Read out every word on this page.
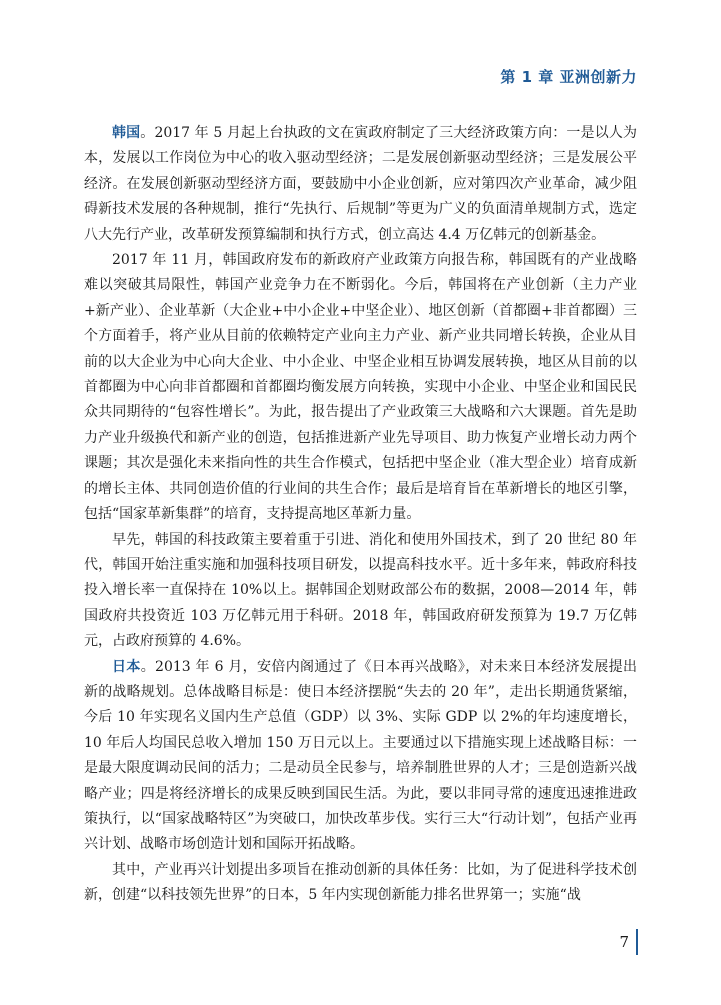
第 1 章 亚洲创新力

韩国。2017 年 5 月起上台执政的文在寅政府制定了三大经济政策方向：一是以人为本，发展以工作岗位为中心的收入驱动型经济；二是发展创新驱动型经济；三是发展公平经济。在发展创新驱动型经济方面，要鼓励中小企业创新，应对第四次产业革命，减少阻碍新技术发展的各种规制，推行“先执行、后规制”等更为广义的负面清单规制方式，选定八大先行产业，改革研发预算编制和执行方式，创立高达 4.4 万亿韩元的创新基金。

2017 年 11 月，韩国政府发布的新政府产业政策方向报告称，韩国既有的产业战略难以突破其局限性，韩国产业竞争力在不断弱化。今后，韩国将在产业创新（主力产业+新产业）、企业革新（大企业+中小企业+中坚企业）、地区创新（首都圈+非首都圈）三个方面着手，将产业从目前的依赖特定产业向主力产业、新产业共同增长转换，企业从目前的以大企业为中心向大企业、中小企业、中坚企业相互协调发展转换，地区从目前的以首都圈为中心向非首都圈和首都圈均衡发展方向转换，实现中小企业、中坚企业和国民民众共同期待的“包容性增长”。为此，报告提出了产业政策三大战略和六大课题。首先是助力产业升级换代和新产业的创造，包括推进新产业先导项目、助力恢复产业增长动力两个课题；其次是强化未来指向性的共生合作模式，包括把中坚企业（准大型企业）培育成新的增长主体、共同创造价值的行业间的共生合作；最后是培育旨在革新增长的地区引擎，包括“国家革新集群”的培育，支持提高地区革新力量。

早先，韩国的科技政策主要着重于引进、消化和使用外国技术，到了 20 世纪 80 年代，韩国开始注重实施和加强科技项目研发，以提高科技水平。近十多年来，韩政府科技投入增长率一直保持在 10%以上。据韩国企划财政部公布的数据，2008—2014 年，韩国政府共投资近 103 万亿韩元用于科研。2018 年，韩国政府研发预算为 19.7 万亿韩元，占政府预算的 4.6%。

日本。2013 年 6 月，安倍内阁通过了《日本再兴战略》，对未来日本经济发展提出新的战略规划。总体战略目标是：使日本经济摆脱“失去的 20 年”，走出长期通货紧缩，今后 10 年实现名义国内生产总值（GDP）以 3%、实际 GDP 以 2%的年均速度增长，10 年后人均国民总收入增加 150 万日元以上。主要通过以下措施实现上述战略目标：一是最大限度调动民间的活力；二是动员全民参与，培养制胜世界的人才；三是创造新兴战略产业；四是将经济增长的成果反映到国民生活。为此，要以非同寻常的速度迅速推进政策执行，以“国家战略特区”为突破口，加快改革步伐。实行三大“行动计划”，包括产业再兴计划、战略市场创造计划和国际开拓战略。

其中，产业再兴计划提出多项旨在推动创新的具体任务：比如，为了促进科学技术创新，创建“以科技领先世界”的日本，5 年内实现创新能力排名世界第一；实施“战

7
